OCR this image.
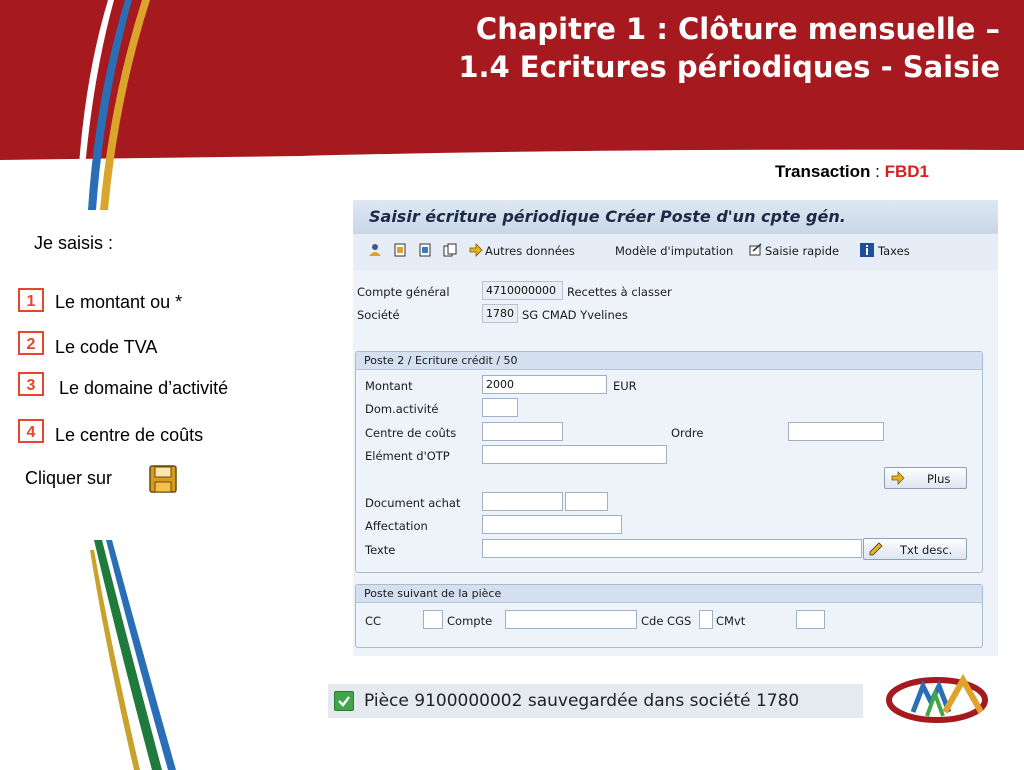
Chapitre 1 : Clôture mensuelle –
1.4 Ecritures périodiques - Saisie
Transaction : FBD1
Je saisis :
1	Le montant ou *
2	Le code TVA
3	Le domaine d’activité
4	Le centre de coûts
Cliquer sur
Saisir écriture périodique Créer Poste d'un cpte gén.
Autres données	Modèle d'imputation	Saisie rapide	Taxes
Compte général	4710000000 Recettes à classer
Société	1780 SG CMAD Yvelines
Poste 2 / Ecriture crédit / 50
Montant	2000	EUR
Dom.activité
Centre de coûts	Ordre
Elément d'OTP
Plus
Document achat
Affectation
Texte	Txt desc.
Poste suivant de la pièce
CC	Compte	Cde CGS CMvt
Pièce 9100000002 sauvegardée dans société 1780
